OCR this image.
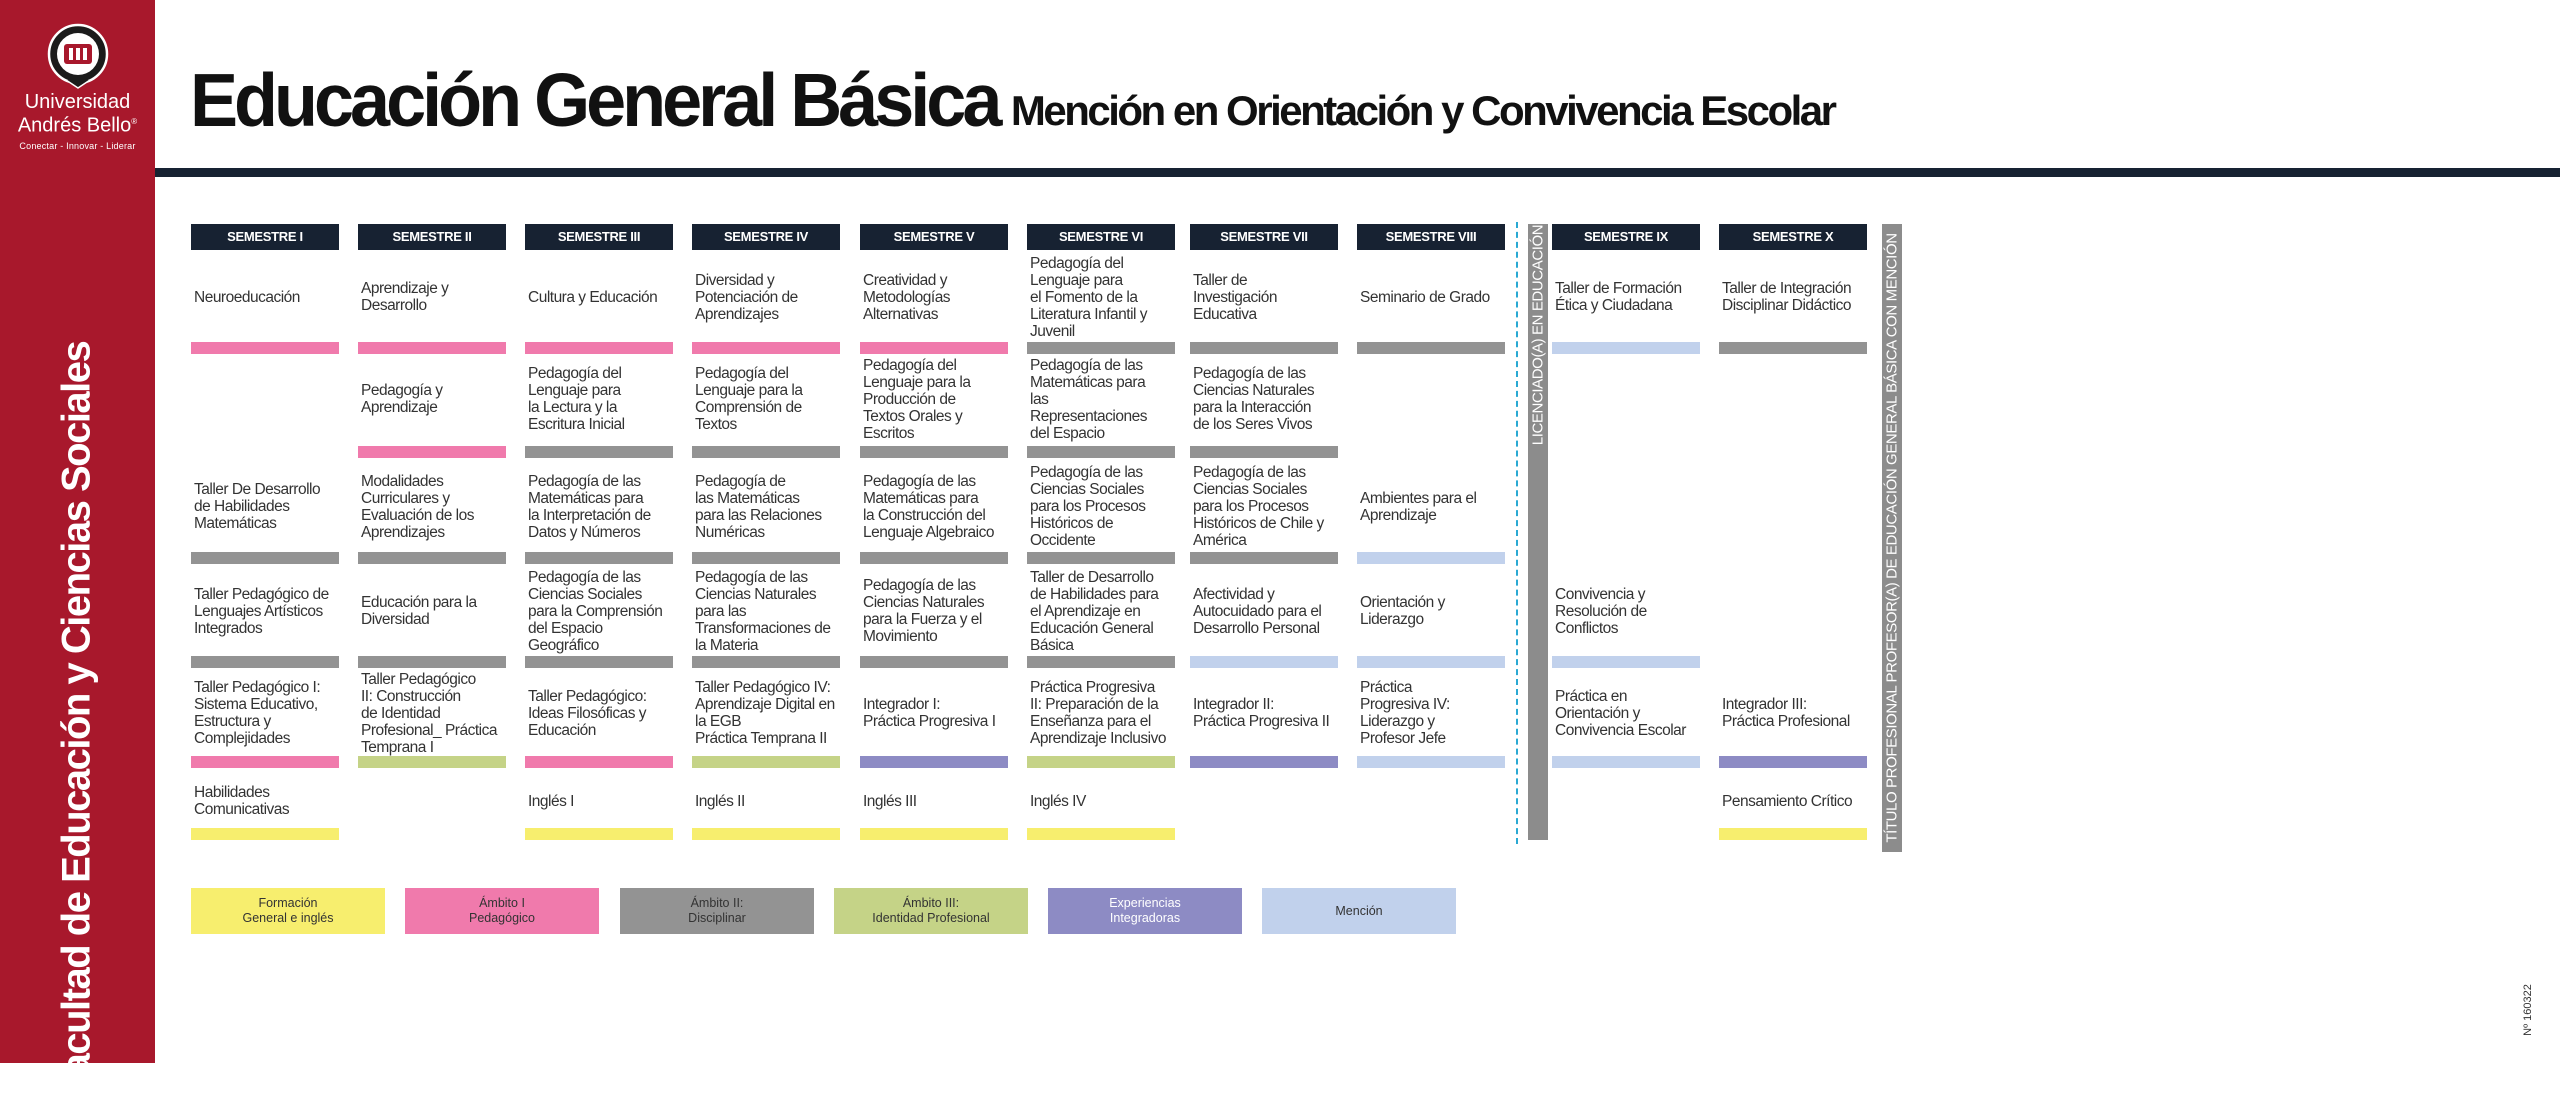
Universidad
Andrés Bello®
Conectar - Innovar - Liderar
Facultad de Educación y Ciencias Sociales
Educación General Básica Mención en Orientación y Convivencia Escolar
SEMESTRE I
Neuroeducación
Taller De Desarrollo
de Habilidades
Matemáticas
Taller Pedagógico de
Lenguajes Artísticos
Integrados
Taller Pedagógico I:
Sistema Educativo,
Estructura y
Complejidades
Habilidades
Comunicativas
SEMESTRE II
Aprendizaje y
Desarrollo
Pedagogía y
Aprendizaje
Modalidades
Curriculares y
Evaluación de los
Aprendizajes
Educación para la
Diversidad
Taller Pedagógico
II: Construcción
de Identidad
Profesional_ Práctica
Temprana I
SEMESTRE III
Cultura y Educación
Pedagogía del
Lenguaje para
la Lectura y la
Escritura Inicial
Pedagogía de las
Matemáticas para
la Interpretación de
Datos y Números
Pedagogía de las
Ciencias Sociales
para la Comprensión
del Espacio
Geográfico
Taller Pedagógico:
Ideas Filosóficas y
Educación
Inglés I
SEMESTRE IV
Diversidad y
Potenciación de
Aprendizajes
Pedagogía del
Lenguaje para la
Comprensión de
Textos
Pedagogía de
las Matemáticas
para las Relaciones
Numéricas
Pedagogía de las
Ciencias Naturales
para las
Transformaciones de
la Materia
Taller Pedagógico IV:
Aprendizaje Digital en
la EGB
Práctica Temprana II
Inglés II
SEMESTRE V
Creatividad y
Metodologías
Alternativas
Pedagogía del
Lenguaje para la
Producción de
Textos Orales y
Escritos
Pedagogía de las
Matemáticas para
la Construcción del
Lenguaje Algebraico
Pedagogía de las
Ciencias Naturales
para la Fuerza y el
Movimiento
Integrador I:
Práctica Progresiva I
Inglés III
SEMESTRE VI
Pedagogía del
Lenguaje para
el Fomento de la
Literatura Infantil y
Juvenil
Pedagogía de las
Matemáticas para
las
Representaciones
del Espacio
Pedagogía de las
Ciencias Sociales
para los Procesos
Históricos de
Occidente
Taller de Desarrollo
de Habilidades para
el Aprendizaje en
Educación General
Básica
Práctica Progresiva
II: Preparación de la
Enseñanza para el
Aprendizaje Inclusivo
Inglés IV
SEMESTRE VII
Taller de
Investigación
Educativa
Pedagogía de las
Ciencias Naturales
para la Interacción
de los Seres Vivos
Pedagogía de las
Ciencias Sociales
para los Procesos
Históricos de Chile y
América
Afectividad y
Autocuidado para el
Desarrollo Personal
Integrador II:
Práctica Progresiva II
SEMESTRE VIII
Seminario de Grado
Ambientes para el
Aprendizaje
Orientación y
Liderazgo
Práctica
Progresiva IV:
Liderazgo y
Profesor Jefe
SEMESTRE IX
Taller de Formación
Ética y Ciudadana
Convivencia y
Resolución de
Conflictos
Práctica en
Orientación y
Convivencia Escolar
SEMESTRE X
Taller de Integración
Disciplinar Didáctico
Integrador III:
Práctica Profesional
Pensamiento Crítico
LICENCIADO(A) EN EDUCACIÓN	TÍTULO PROFESIONAL PROFESOR(A) DE EDUCACIÓN GENERAL BÁSICA CON MENCIÓN
Formación
General e inglés
Ámbito I
Pedagógico
Ámbito II:
Disciplinar
Ámbito III:
Identidad Profesional
Experiencias
Integradoras
Mención
Nº 160322
